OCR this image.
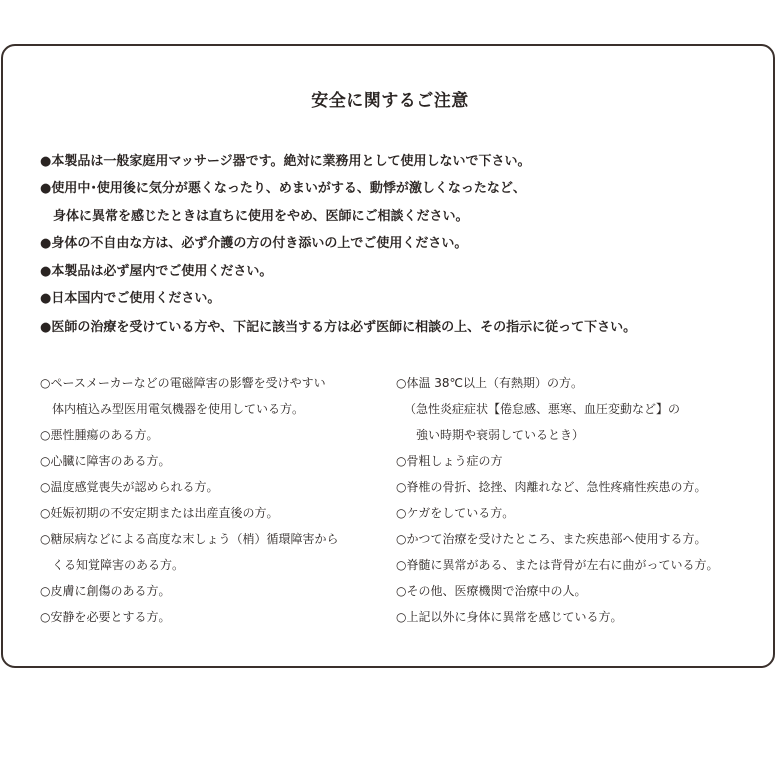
安全に関するご注意
●本製品は一般家庭用マッサージ器です。絶対に業務用として使用しないで下さい。
●使用中･使用後に気分が悪くなったり、めまいがする、動悸が激しくなったなど、
　身体に異常を感じたときは直ちに使用をやめ、医師にご相談ください。
●身体の不自由な方は、必ず介護の方の付き添いの上でご使用ください。
●本製品は必ず屋内でご使用ください。
●日本国内でご使用ください。
●医師の治療を受けている方や、下記に該当する方は必ず医師に相談の上、その指示に従って下さい。
○ペースメーカーなどの電磁障害の影響を受けやすい
　体内植込み型医用電気機器を使用している方。
○悪性腫瘍のある方。
○心臓に障害のある方。
○温度感覚喪失が認められる方。
○妊娠初期の不安定期または出産直後の方。
○糖尿病などによる高度な末しょう（梢）循環障害から
　くる知覚障害のある方。
○皮膚に創傷のある方。
○安静を必要とする方。
○体温 38℃以上（有熱期）の方。
（急性炎症症状【倦怠感、悪寒、血圧変動など】の
　強い時期や衰弱しているとき）
○骨粗しょう症の方
○脊椎の骨折、捻挫、肉離れなど、急性疼痛性疾患の方。
○ケガをしている方。
○かつて治療を受けたところ、また疾患部へ使用する方。
○脊髄に異常がある、または背骨が左右に曲がっている方。
○その他、医療機関で治療中の人。
○上記以外に身体に異常を感じている方。
